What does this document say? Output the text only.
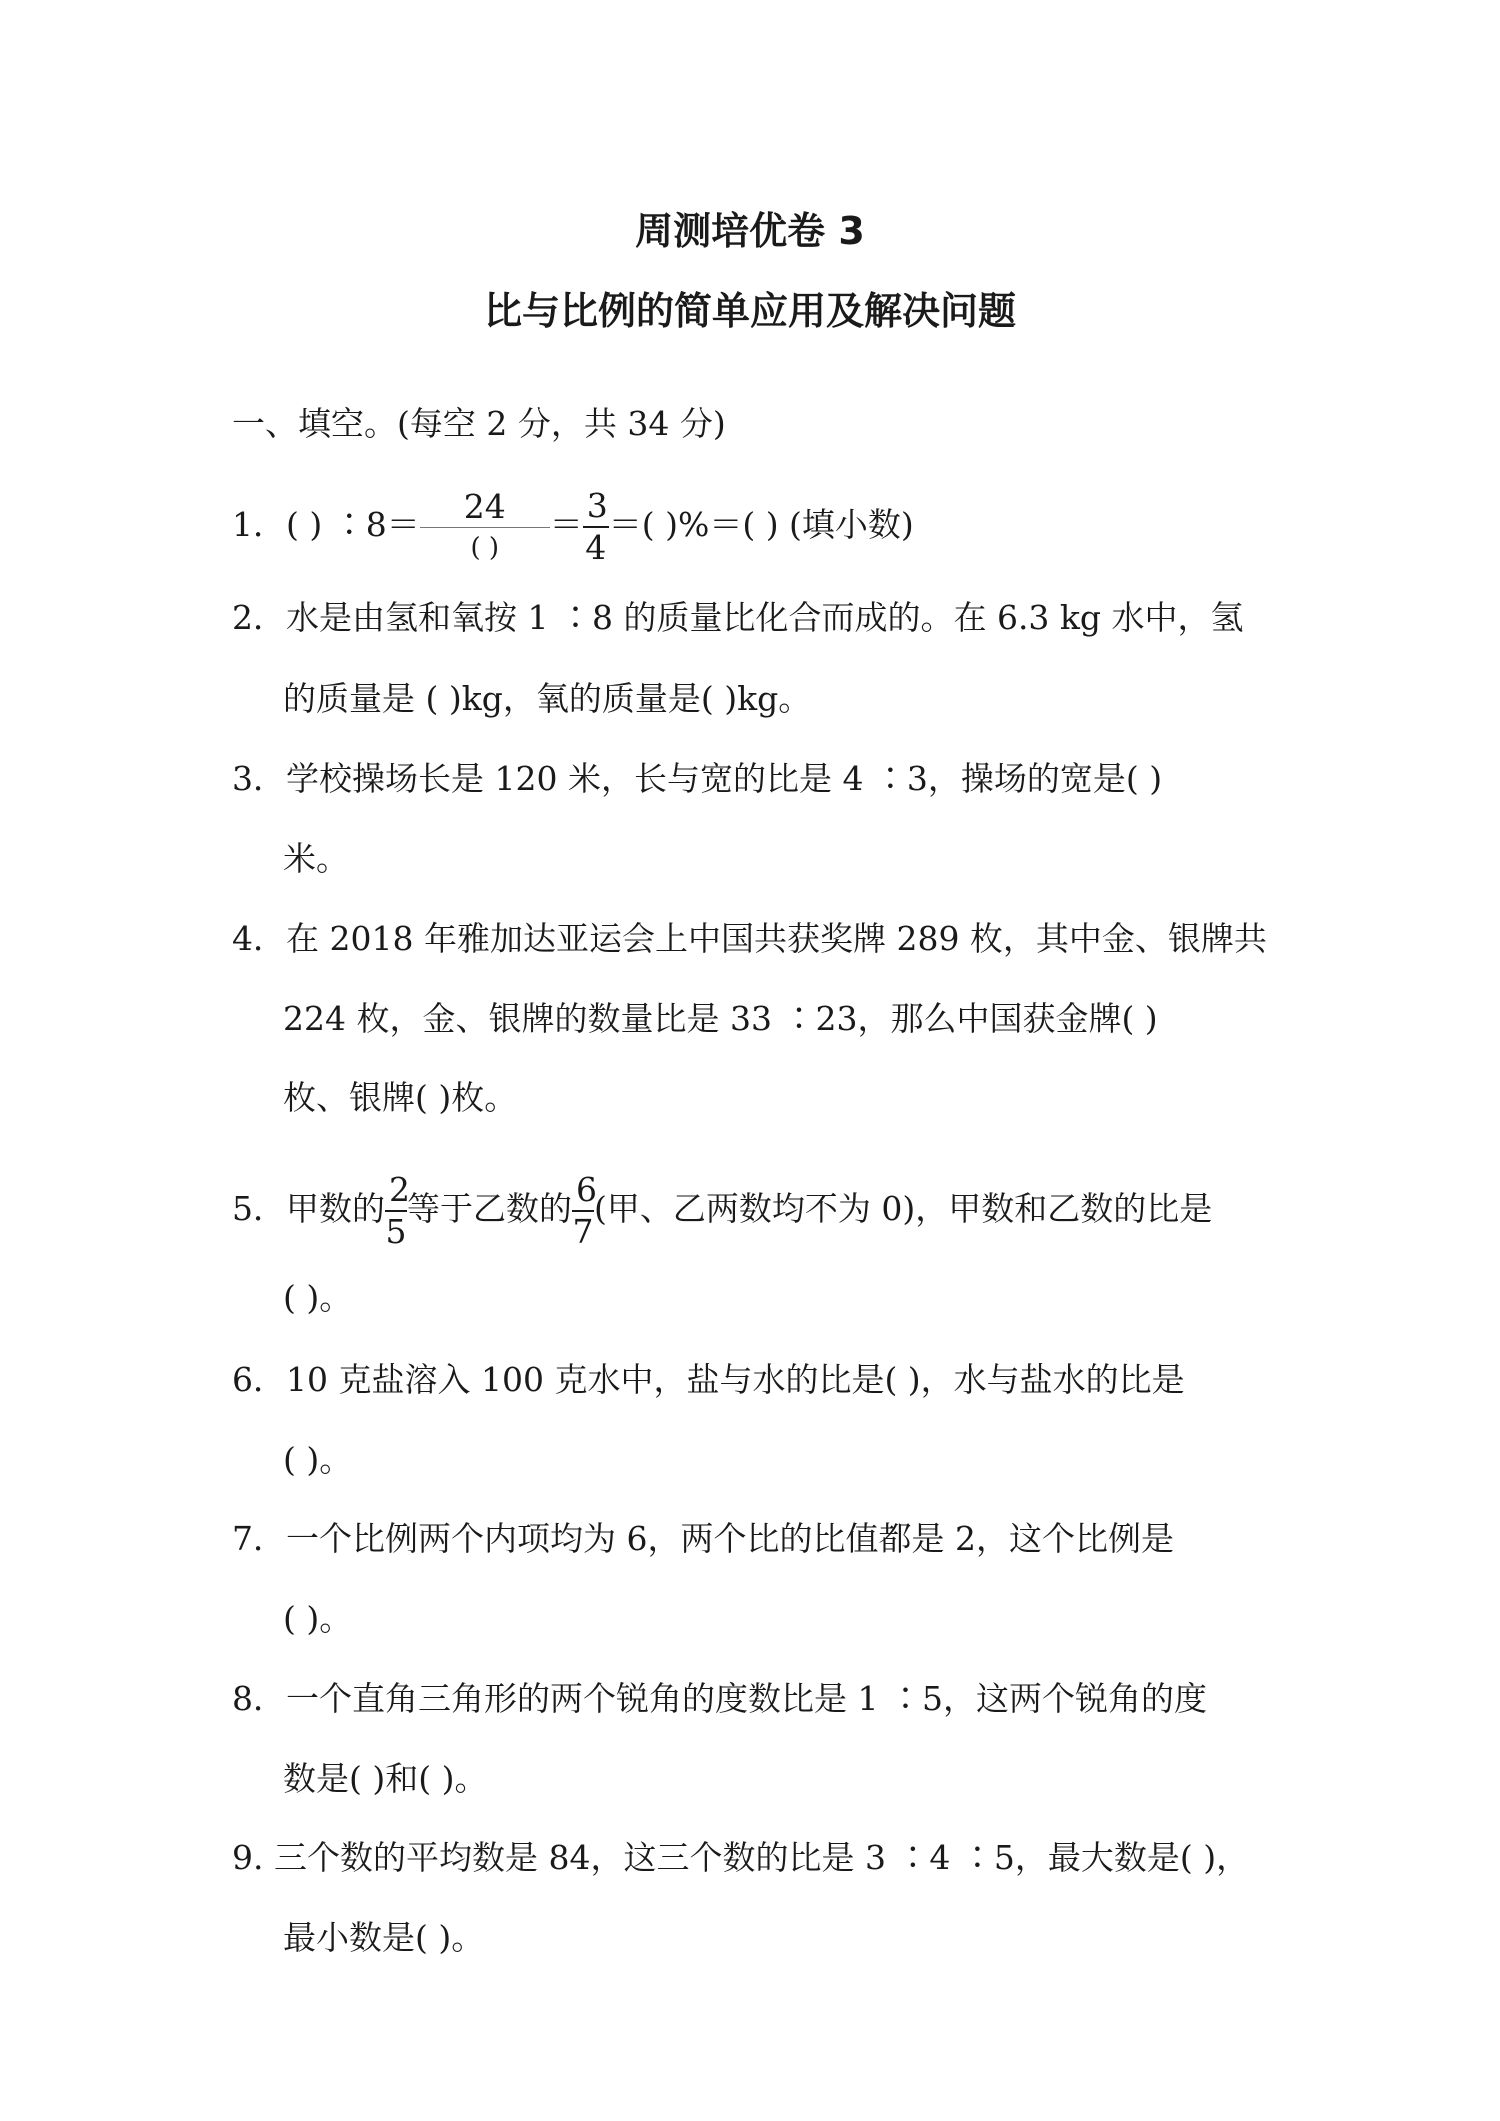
周测培优卷 3
比与比例的简单应用及解决问题
一、填空。(每空 2 分，共 34 分)
1．( ) ∶8＝ $\frac{24}{( )} = \frac{3}{4}$ ＝( )%＝( ) (填小数)
2．水是由氢和氧按 1 ∶8 的质量比化合而成的。在 6.3 kg 水中，氢
的质量是 ( )kg，氧的质量是( )kg。
3．学校操场长是 120 米，长与宽的比是 4 ∶3，操场的宽是( )
米。
4．在 2018 年雅加达亚运会上中国共获奖牌 289 枚，其中金、银牌共
224 枚，金、银牌的数量比是 33 ∶23，那么中国获金牌( )
枚、银牌( )枚。
5．甲数的 $\frac{2}{5}$ 等于乙数的 $\frac{6}{7}$ (甲、乙两数均不为 0)，甲数和乙数的比是
( )。
6．10 克盐溶入 100 克水中，盐与水的比是( )，水与盐水的比是
( )。
7．一个比例两个内项均为 6，两个比的比值都是 2，这个比例是
( )。
8．一个直角三角形的两个锐角的度数比是 1 ∶5，这两个锐角的度
数是( )和( )。
9. 三个数的平均数是 84，这三个数的比是 3 ∶4 ∶5，最大数是( )，
最小数是( )。
